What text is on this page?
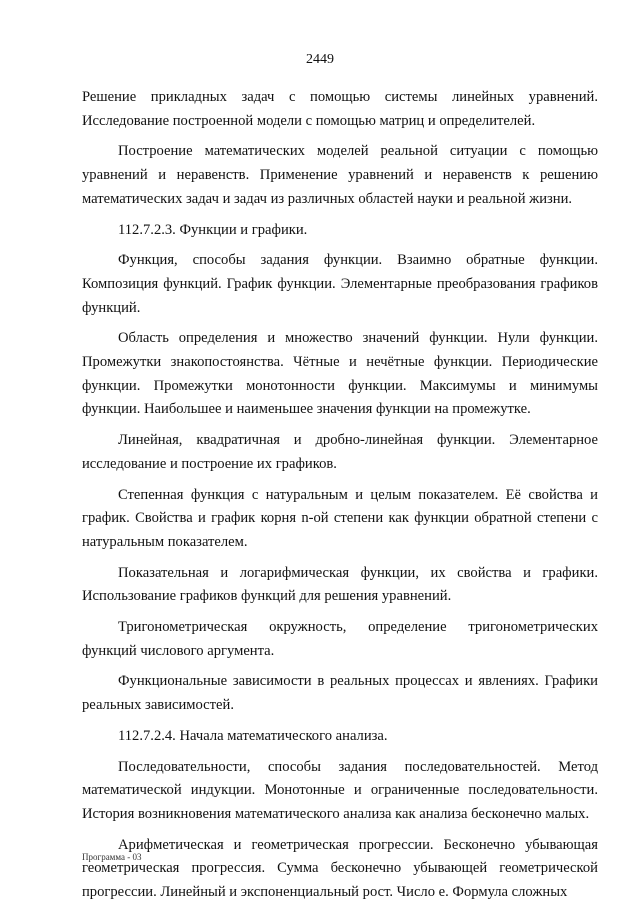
2449

Решение прикладных задач с помощью системы линейных уравнений. Исследование построенной модели с помощью матриц и определителей.

Построение математических моделей реальной ситуации с помощью уравнений и неравенств. Применение уравнений и неравенств к решению математических задач и задач из различных областей науки и реальной жизни.

112.7.2.3. Функции и графики.

Функция, способы задания функции. Взаимно обратные функции. Композиция функций. График функции. Элементарные преобразования графиков функций.

Область определения и множество значений функции. Нули функции. Промежутки знакопостоянства. Чётные и нечётные функции. Периодические функции. Промежутки монотонности функции. Максимумы и минимумы функции. Наибольшее и наименьшее значения функции на промежутке.

Линейная, квадратичная и дробно-линейная функции. Элементарное исследование и построение их графиков.

Степенная функция с натуральным и целым показателем. Её свойства и график. Свойства и график корня n-ой степени как функции обратной степени с натуральным показателем.

Показательная и логарифмическая функции, их свойства и графики. Использование графиков функций для решения уравнений.

Тригонометрическая окружность, определение тригонометрических функций числового аргумента.

Функциональные зависимости в реальных процессах и явлениях. Графики реальных зависимостей.

112.7.2.4. Начала математического анализа.

Последовательности, способы задания последовательностей. Метод математической индукции. Монотонные и ограниченные последовательности. История возникновения математического анализа как анализа бесконечно малых.

Арифметическая и геометрическая прогрессии. Бесконечно убывающая геометрическая прогрессия. Сумма бесконечно убывающей геометрической прогрессии. Линейный и экспоненциальный рост. Число е. Формула сложных

Программа - 03
